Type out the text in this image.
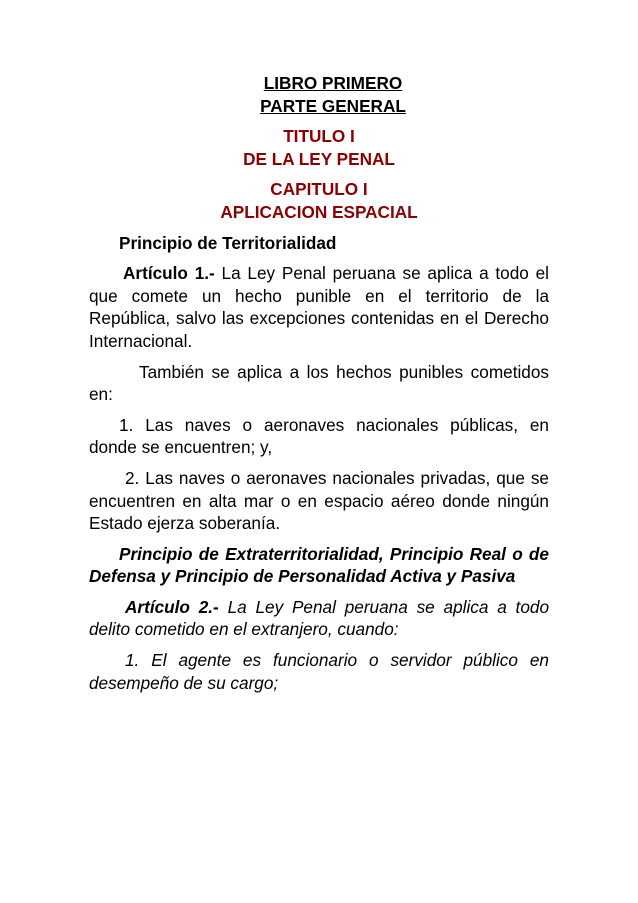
LIBRO PRIMERO

PARTE GENERAL

TITULO I

DE LA LEY PENAL

CAPITULO I

APLICACION ESPACIAL

Principio de Territorialidad

Artículo 1.- La Ley Penal peruana se aplica a todo el que comete un hecho punible en el territorio de la República, salvo las excepciones contenidas en el Derecho Internacional.

También se aplica a los hechos punibles cometidos en:

1. Las naves o aeronaves nacionales públicas, en donde se encuentren; y,

2. Las naves o aeronaves nacionales privadas, que se encuentren en alta mar o en espacio aéreo donde ningún Estado ejerza soberanía.

Principio de Extraterritorialidad, Principio Real o de Defensa y Principio de Personalidad Activa y Pasiva

Artículo 2.- La Ley Penal peruana se aplica a todo delito cometido en el extranjero, cuando:

1. El agente es funcionario o servidor público en desempeño de su cargo;
